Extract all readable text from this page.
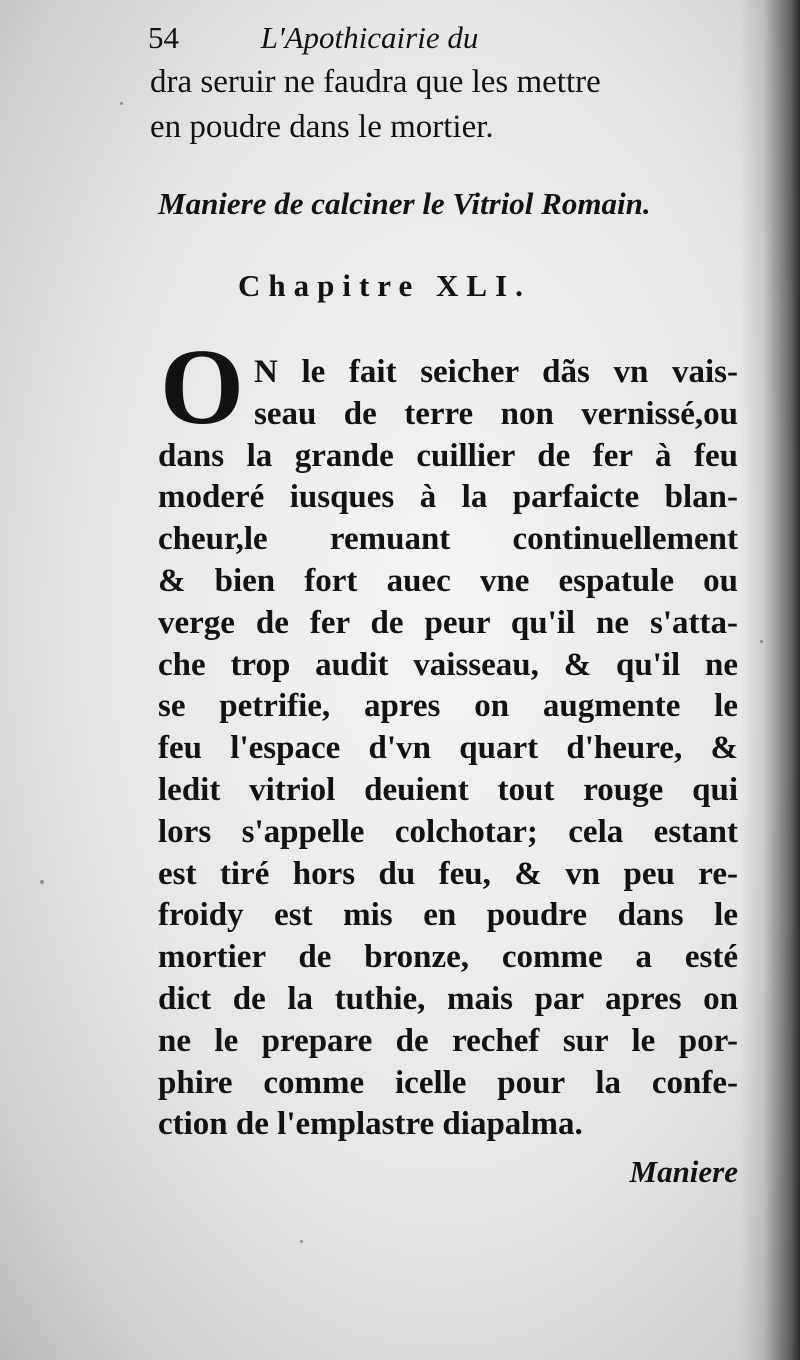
54	L'Apothicairie du
dra seruir ne faudra que les mettre
en poudre dans le mortier.
Maniere de calciner le Vitriol Romain.
Chapitre XLI.
O N le fait seicher dãs vn vais-
seau de terre non vernissé,ou
dans la grande cuillier de fer à feu
moderé iusques à la parfaicte blan-
cheur,le remuant continuellement
& bien fort auec vne espatule ou
verge de fer de peur qu'il ne s'atta-
che trop audit vaisseau, & qu'il ne
se petrifie, apres on augmente le
feu l'espace d'vn quart d'heure, &
ledit vitriol deuient tout rouge qui
lors s'appelle colchotar; cela estant
est tiré hors du feu, & vn peu re-
froidy est mis en poudre dans le
mortier de bronze, comme a esté
dict de la tuthie, mais par apres on
ne le prepare de rechef sur le por-
phire comme icelle pour la confe-
ction de l'emplastre diapalma.
Maniere
